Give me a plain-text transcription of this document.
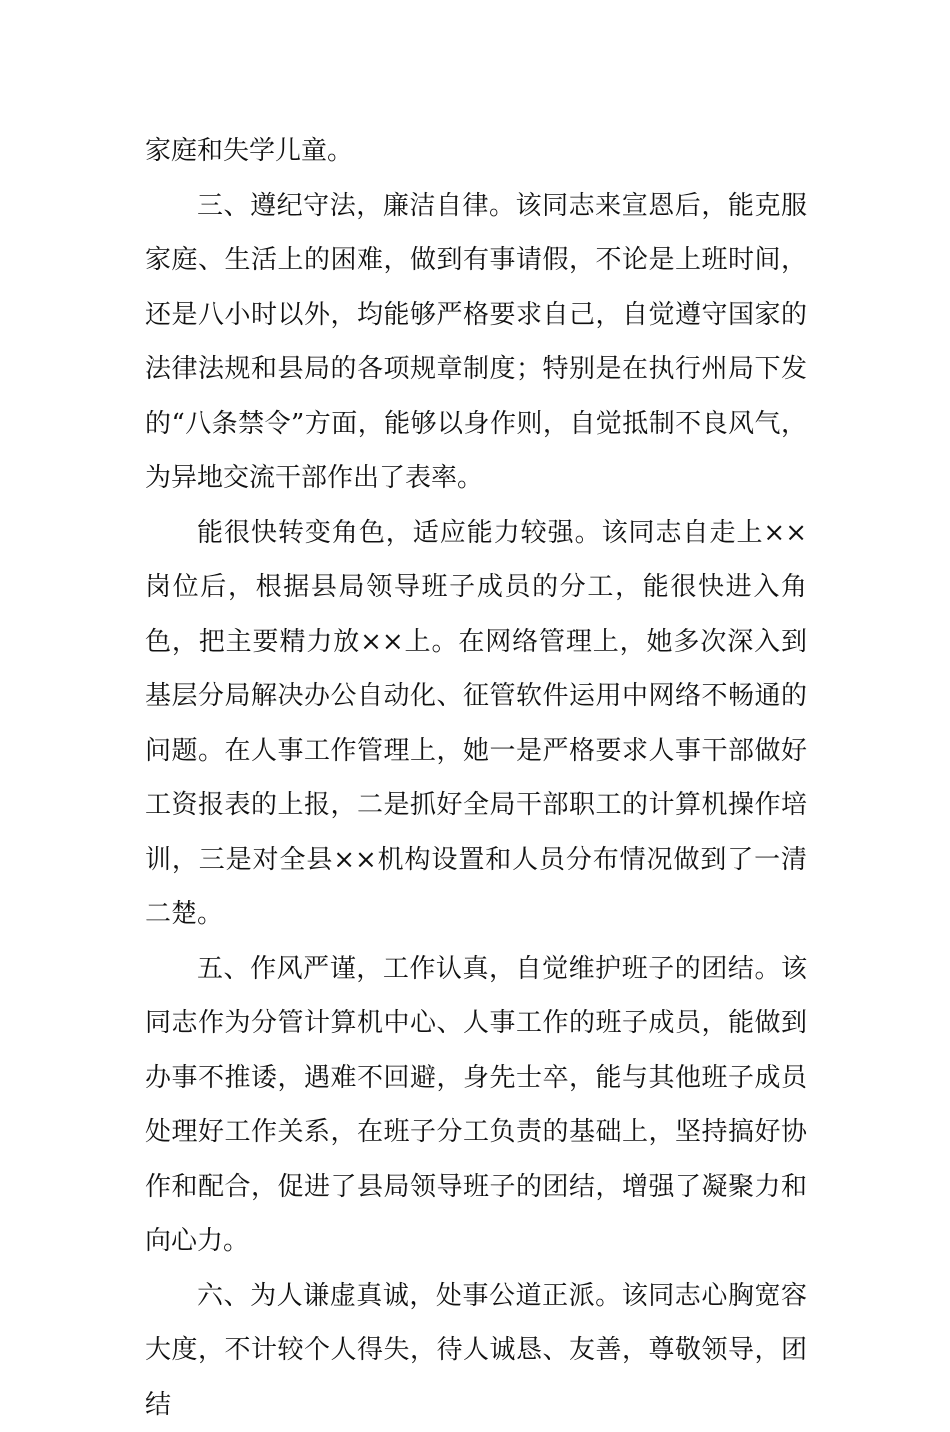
家庭和失学儿童。

三、遵纪守法，廉洁自律。该同志来宣恩后，能克服家庭、生活上的困难，做到有事请假，不论是上班时间，还是八小时以外，均能够严格要求自己，自觉遵守国家的法律法规和县局的各项规章制度；特别是在执行州局下发的“八条禁令”方面，能够以身作则，自觉抵制不良风气，为异地交流干部作出了表率。

能很快转变角色，适应能力较强。该同志自走上××岗位后，根据县局领导班子成员的分工，能很快进入角色，把主要精力放××上。在网络管理上，她多次深入到基层分局解决办公自动化、征管软件运用中网络不畅通的问题。在人事工作管理上，她一是严格要求人事干部做好工资报表的上报，二是抓好全局干部职工的计算机操作培训，三是对全县××机构设置和人员分布情况做到了一清二楚。

五、作风严谨，工作认真，自觉维护班子的团结。该同志作为分管计算机中心、人事工作的班子成员，能做到办事不推诿，遇难不回避，身先士卒，能与其他班子成员处理好工作关系，在班子分工负责的基础上，坚持搞好协作和配合，促进了县局领导班子的团结，增强了凝聚力和向心力。

六、为人谦虚真诚，处事公道正派。该同志心胸宽容大度，不计较个人得失，待人诚恳、友善，尊敬领导，团结
